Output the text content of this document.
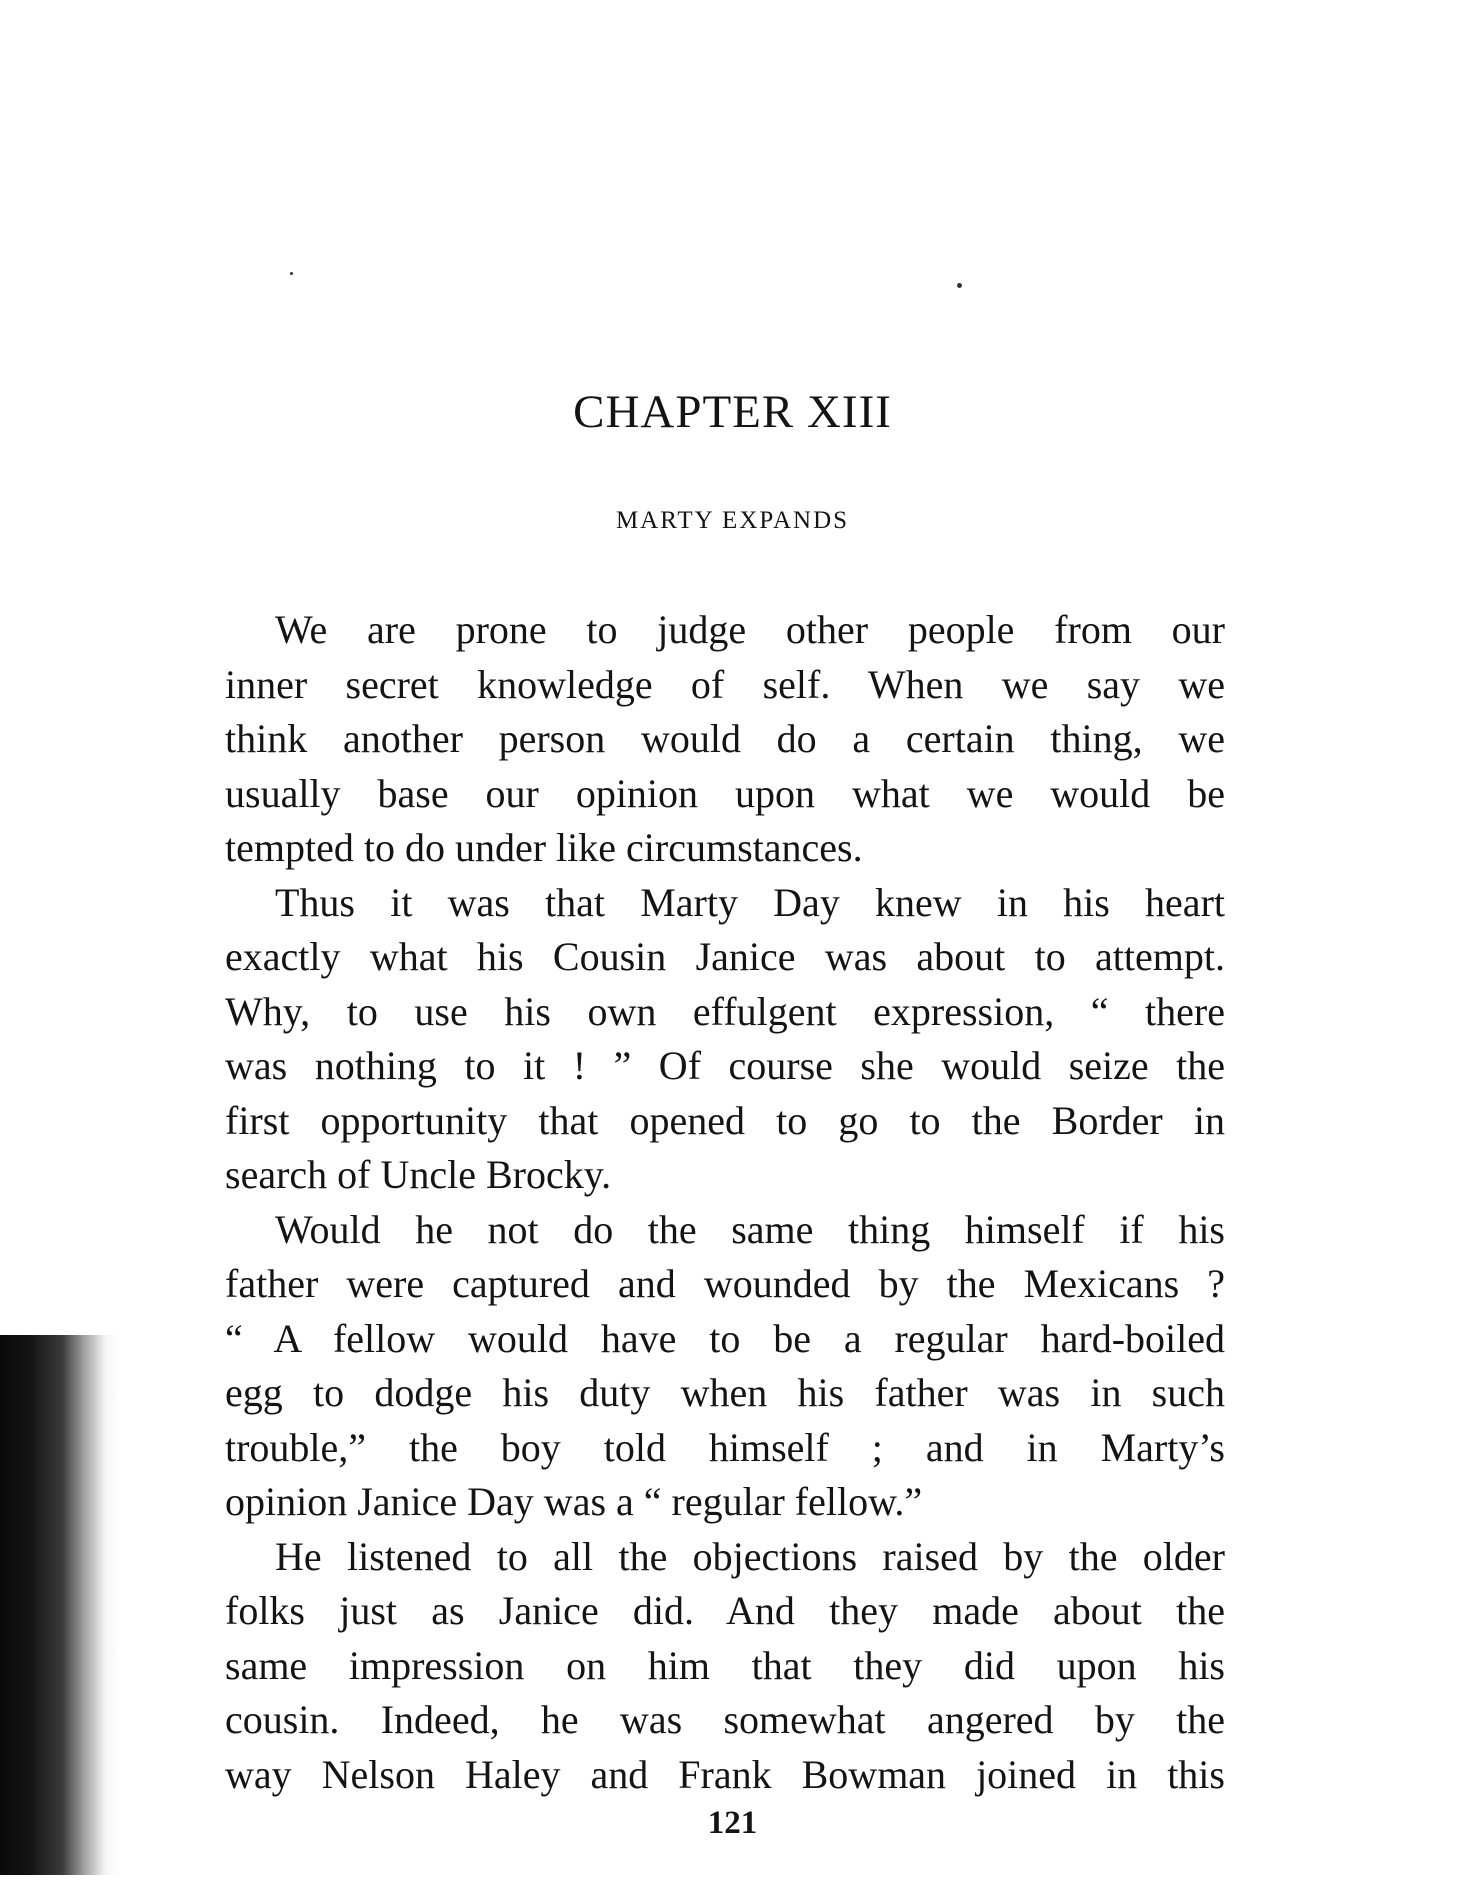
CHAPTER XIII
MARTY EXPANDS

We are prone to judge other people from our
inner secret knowledge of self. When we say we
think another person would do a certain thing, we
usually base our opinion upon what we would be
tempted to do under like circumstances.

Thus it was that Marty Day knew in his heart
exactly what his Cousin Janice was about to attempt.
Why, to use his own effulgent expression, “ there
was nothing to it ! ” Of course she would seize the
first opportunity that opened to go to the Border in
search of Uncle Brocky.

Would he not do the same thing himself if his
father were captured and wounded by the Mexicans ?
“ A fellow would have to be a regular hard-boiled
egg to dodge his duty when his father was in such
trouble,” the boy told himself ; and in Marty’s
opinion Janice Day was a “ regular fellow.”

He listened to all the objections raised by the older
folks just as Janice did. And they made about the
same impression on him that they did upon his
cousin. Indeed, he was somewhat angered by the
way Nelson Haley and Frank Bowman joined in this

121
